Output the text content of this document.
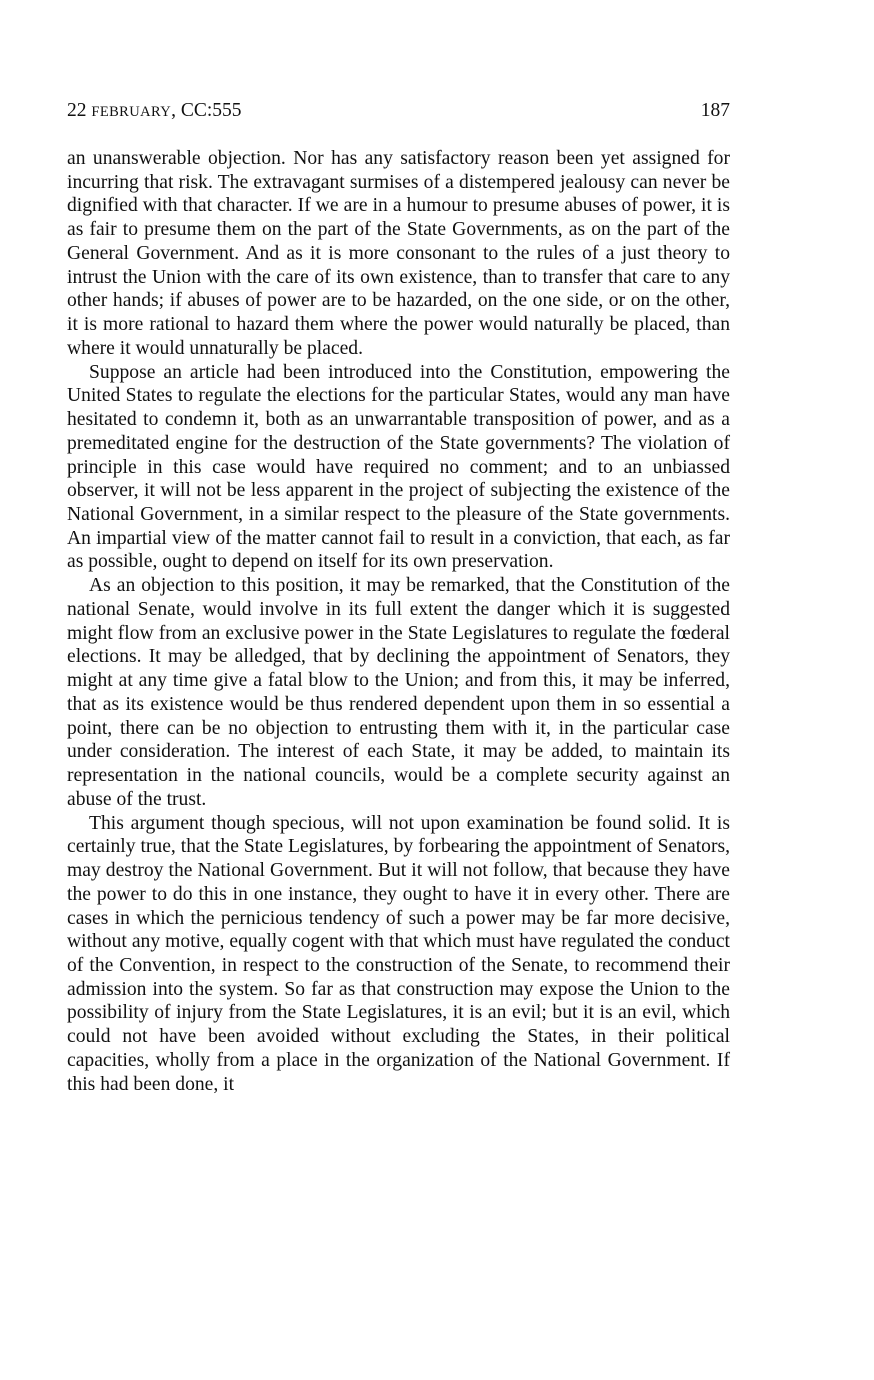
22 FEBRUARY, CC:555	187

an unanswerable objection. Nor has any satisfactory reason been yet assigned for incurring that risk. The extravagant surmises of a distempered jealousy can never be dignified with that character. If we are in a humour to presume abuses of power, it is as fair to presume them on the part of the State Governments, as on the part of the General Government. And as it is more consonant to the rules of a just theory to intrust the Union with the care of its own existence, than to transfer that care to any other hands; if abuses of power are to be hazarded, on the one side, or on the other, it is more rational to hazard them where the power would naturally be placed, than where it would unnaturally be placed.

Suppose an article had been introduced into the Constitution, empowering the United States to regulate the elections for the particular States, would any man have hesitated to condemn it, both as an unwarrantable transposition of power, and as a premeditated engine for the destruction of the State governments? The violation of principle in this case would have required no comment; and to an unbiassed observer, it will not be less apparent in the project of subjecting the existence of the National Government, in a similar respect to the pleasure of the State governments. An impartial view of the matter cannot fail to result in a conviction, that each, as far as possible, ought to depend on itself for its own preservation.

As an objection to this position, it may be remarked, that the Constitution of the national Senate, would involve in its full extent the danger which it is suggested might flow from an exclusive power in the State Legislatures to regulate the fœderal elections. It may be alledged, that by declining the appointment of Senators, they might at any time give a fatal blow to the Union; and from this, it may be inferred, that as its existence would be thus rendered dependent upon them in so essential a point, there can be no objection to entrusting them with it, in the particular case under consideration. The interest of each State, it may be added, to maintain its representation in the national councils, would be a complete security against an abuse of the trust.

This argument though specious, will not upon examination be found solid. It is certainly true, that the State Legislatures, by forbearing the appointment of Senators, may destroy the National Government. But it will not follow, that because they have the power to do this in one instance, they ought to have it in every other. There are cases in which the pernicious tendency of such a power may be far more decisive, without any motive, equally cogent with that which must have regulated the conduct of the Convention, in respect to the construction of the Senate, to recommend their admission into the system. So far as that construction may expose the Union to the possibility of injury from the State Legislatures, it is an evil; but it is an evil, which could not have been avoided without excluding the States, in their political capacities, wholly from a place in the organization of the National Government. If this had been done, it
